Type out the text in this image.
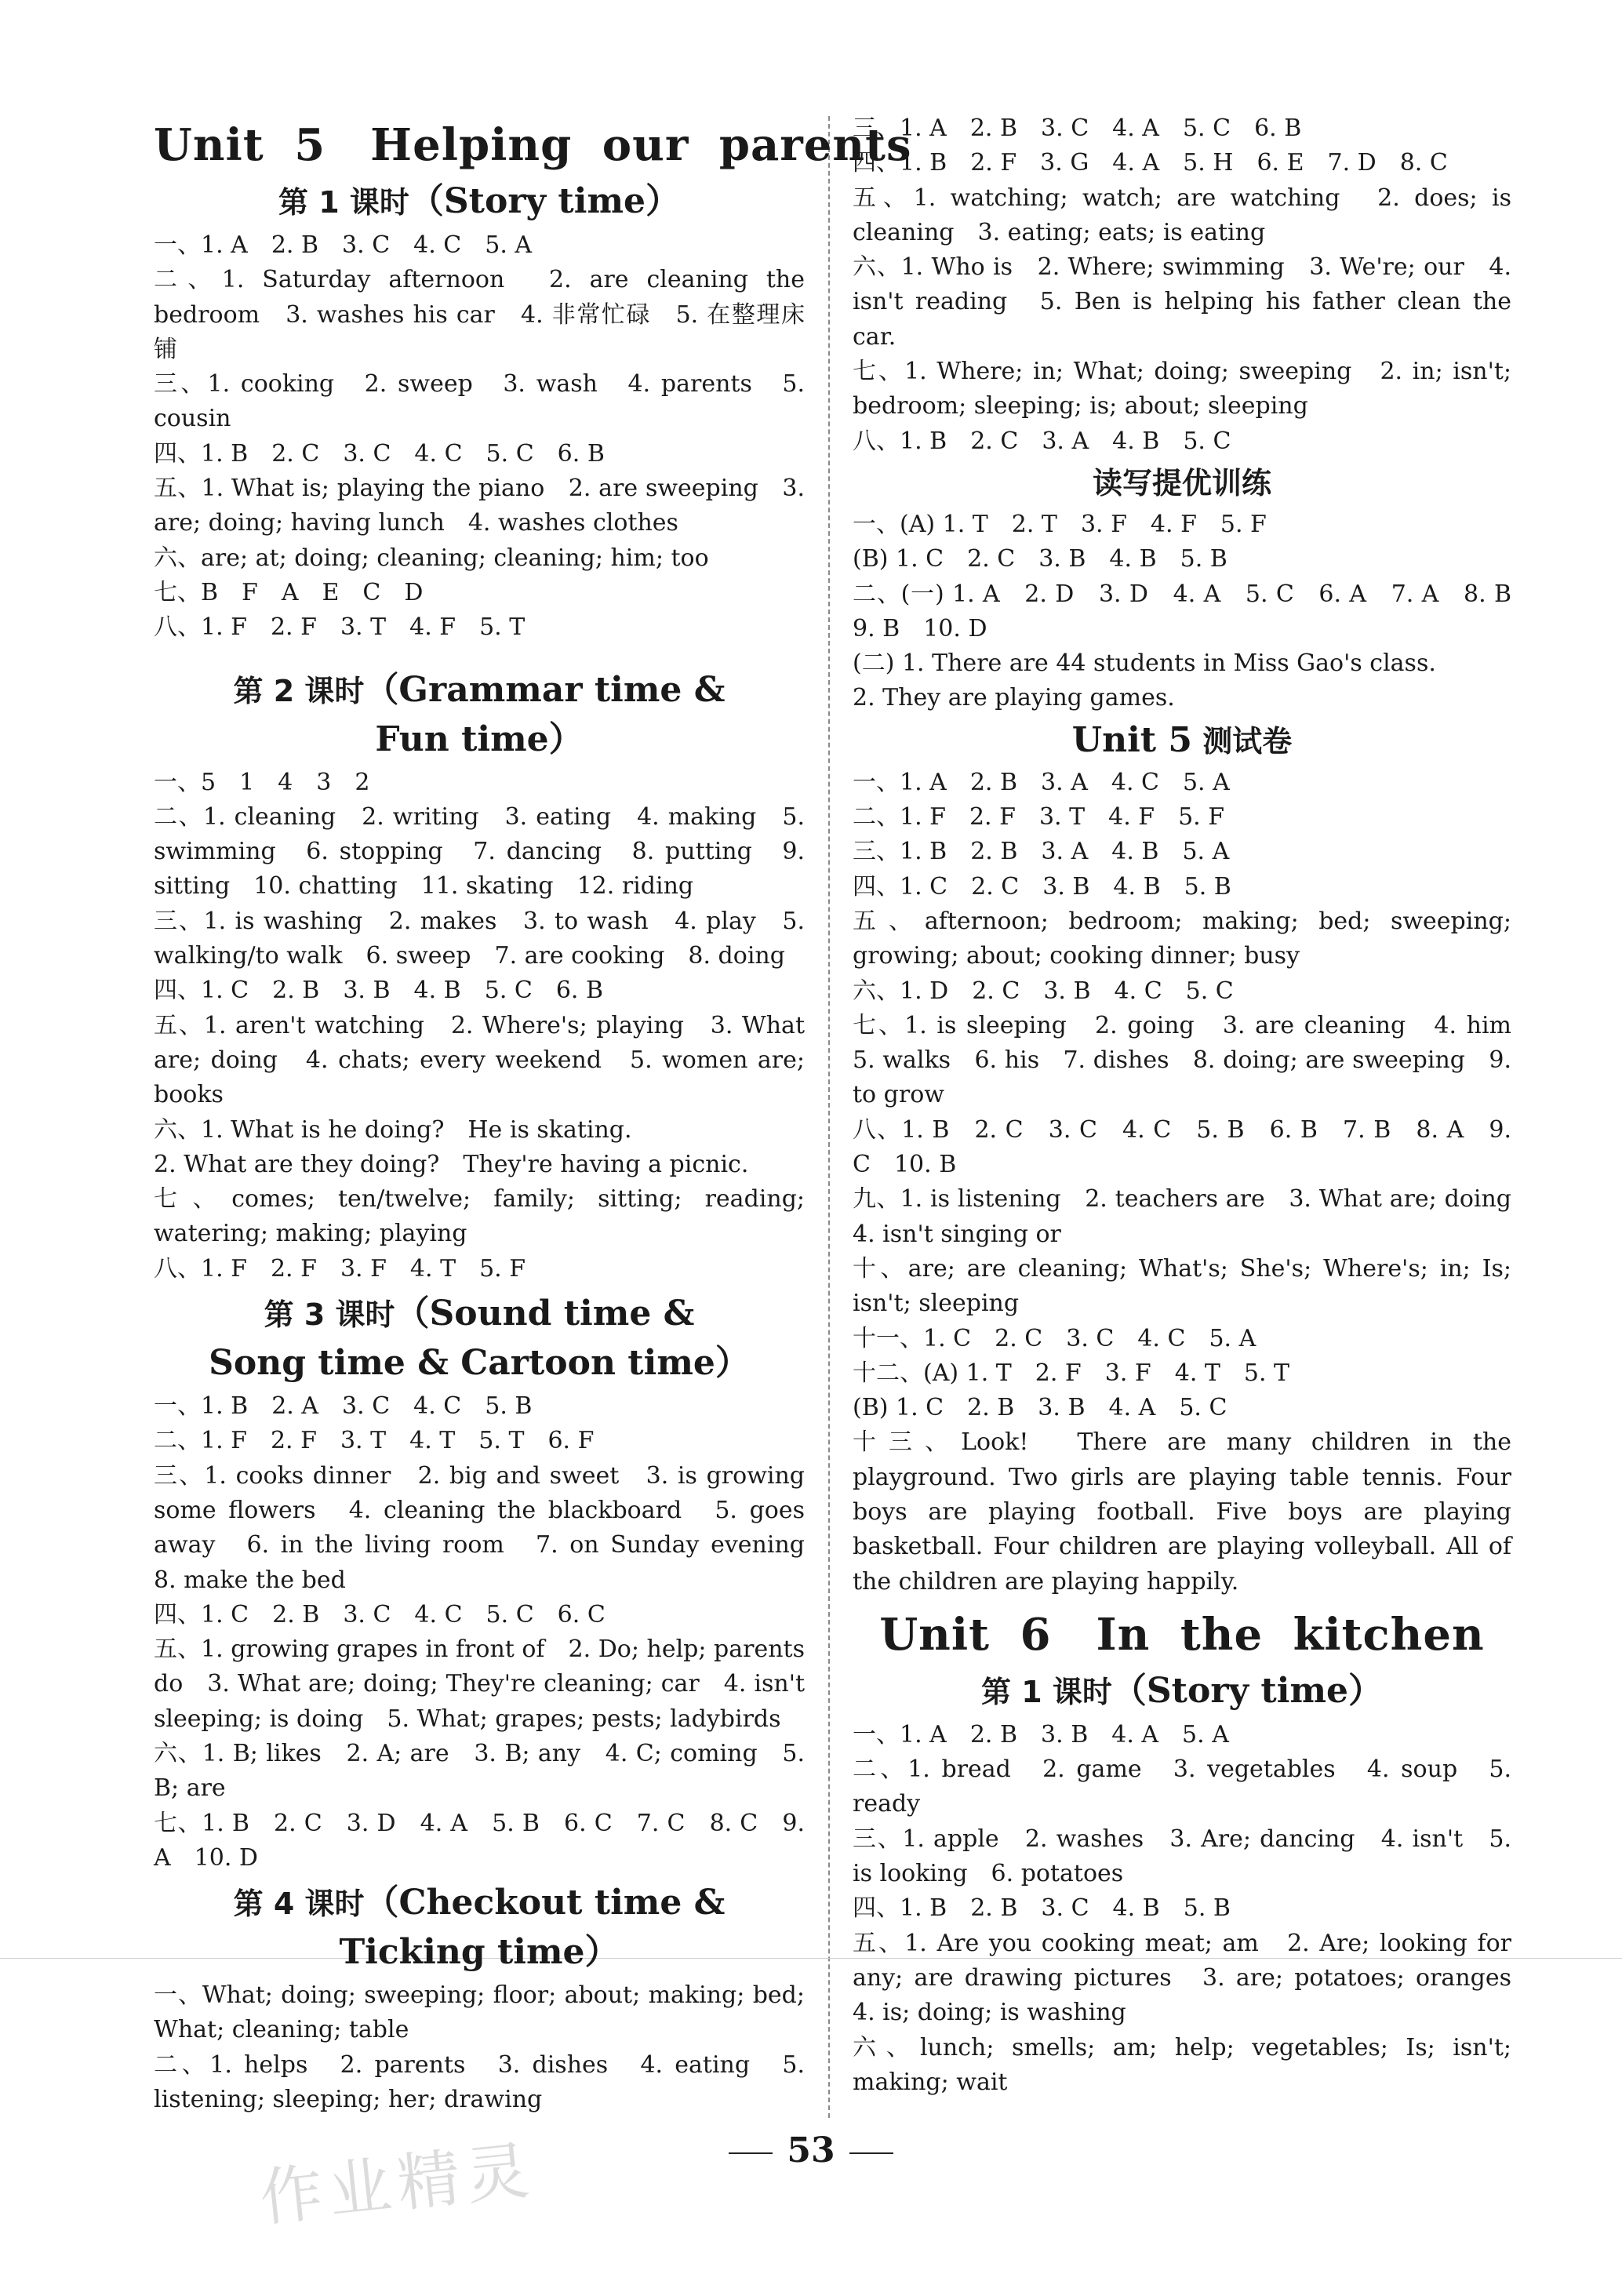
Unit 5　Helping our parents
第 1 课时（Story time）

一、1. A　2. B　3. C　4. C　5. A

二、1. Saturday afternoon　2. are cleaning the bedroom　3. washes his car　4. 非常忙碌　5. 在整理床铺

三、1. cooking　2. sweep　3. wash　4. parents　5. cousin

四、1. B　2. C　3. C　4. C　5. C　6. B

五、1. What is; playing the piano　2. are sweeping　3. are; doing; having lunch　4. washes clothes

六、are; at; doing; cleaning; cleaning; him; too

七、B　F　A　E　C　D

八、1. F　2. F　3. T　4. F　5. T

第 2 课时（Grammar time &
Fun time）

一、5　1　4　3　2

二、1. cleaning　2. writing　3. eating　4. making　5. swimming　6. stopping　7. dancing　8. putting　9. sitting　10. chatting　11. skating　12. riding

三、1. is washing　2. makes　3. to wash　4. play　5. walking/to walk　6. sweep　7. are cooking　8. doing

四、1. C　2. B　3. B　4. B　5. C　6. B

五、1. aren't watching　2. Where's; playing　3. What are; doing　4. chats; every weekend　5. women are; books

六、1. What is he doing?　He is skating.

2. What are they doing?　They're having a picnic.

七、comes; ten/twelve; family; sitting; reading; watering; making; playing

八、1. F　2. F　3. F　4. T　5. F

第 3 课时（Sound time &
Song time & Cartoon time）

一、1. B　2. A　3. C　4. C　5. B

二、1. F　2. F　3. T　4. T　5. T　6. F

三、1. cooks dinner　2. big and sweet　3. is growing some flowers　4. cleaning the blackboard　5. goes away　6. in the living room　7. on Sunday evening　8. make the bed

四、1. C　2. B　3. C　4. C　5. C　6. C

五、1. growing grapes in front of　2. Do; help; parents do　3. What are; doing; They're cleaning; car　4. isn't sleeping; is doing　5. What; grapes; pests; ladybirds

六、1. B; likes　2. A; are　3. B; any　4. C; coming　5. B; are

七、1. B　2. C　3. D　4. A　5. B　6. C　7. C　8. C　9. A　10. D

第 4 课时（Checkout time &
Ticking time）

一、What; doing; sweeping; floor; about; making; bed; What; cleaning; table

二、1. helps　2. parents　3. dishes　4. eating　5. listening; sleeping; her; drawing

三、1. A　2. B　3. C　4. A　5. C　6. B

四、1. B　2. F　3. G　4. A　5. H　6. E　7. D　8. C

五、1. watching; watch; are watching　2. does; is cleaning　3. eating; eats; is eating

六、1. Who is　2. Where; swimming　3. We're; our　4. isn't reading　5. Ben is helping his father clean the car.

七、1. Where; in; What; doing; sweeping　2. in; isn't; bedroom; sleeping; is; about; sleeping

八、1. B　2. C　3. A　4. B　5. C

读写提优训练

一、(A) 1. T　2. T　3. F　4. F　5. F

(B) 1. C　2. C　3. B　4. B　5. B

二、(一) 1. A　2. D　3. D　4. A　5. C　6. A　7. A　8. B　9. B　10. D

(二) 1. There are 44 students in Miss Gao's class.

2. They are playing games.

Unit 5 测试卷

一、1. A　2. B　3. A　4. C　5. A

二、1. F　2. F　3. T　4. F　5. F

三、1. B　2. B　3. A　4. B　5. A

四、1. C　2. C　3. B　4. B　5. B

五、afternoon; bedroom; making; bed; sweeping; growing; about; cooking dinner; busy

六、1. D　2. C　3. B　4. C　5. C

七、1. is sleeping　2. going　3. are cleaning　4. him　5. walks　6. his　7. dishes　8. doing; are sweeping　9. to grow

八、1. B　2. C　3. C　4. C　5. B　6. B　7. B　8. A　9. C　10. B

九、1. is listening　2. teachers are　3. What are; doing　4. isn't singing or

十、are; are cleaning; What's; She's; Where's; in; Is; isn't; sleeping

十一、1. C　2. C　3. C　4. C　5. A

十二、(A) 1. T　2. F　3. F　4. T　5. T

(B) 1. C　2. B　3. B　4. A　5. C

十三、Look!　There are many children in the playground. Two girls are playing table tennis. Four boys are playing football. Five boys are playing basketball. Four children are playing volleyball. All of the children are playing happily.

Unit 6　In the kitchen
第 1 课时（Story time）

一、1. A　2. B　3. B　4. A　5. A

二、1. bread　2. game　3. vegetables　4. soup　5. ready

三、1. apple　2. washes　3. Are; dancing　4. isn't　5. is looking　6. potatoes

四、1. B　2. B　3. C　4. B　5. B

五、1. Are you cooking meat; am　2. Are; looking for any; are drawing pictures　3. are; potatoes; oranges　4. is; doing; is washing

六、lunch; smells; am; help; vegetables; Is; isn't; making; wait

作业精灵	53
